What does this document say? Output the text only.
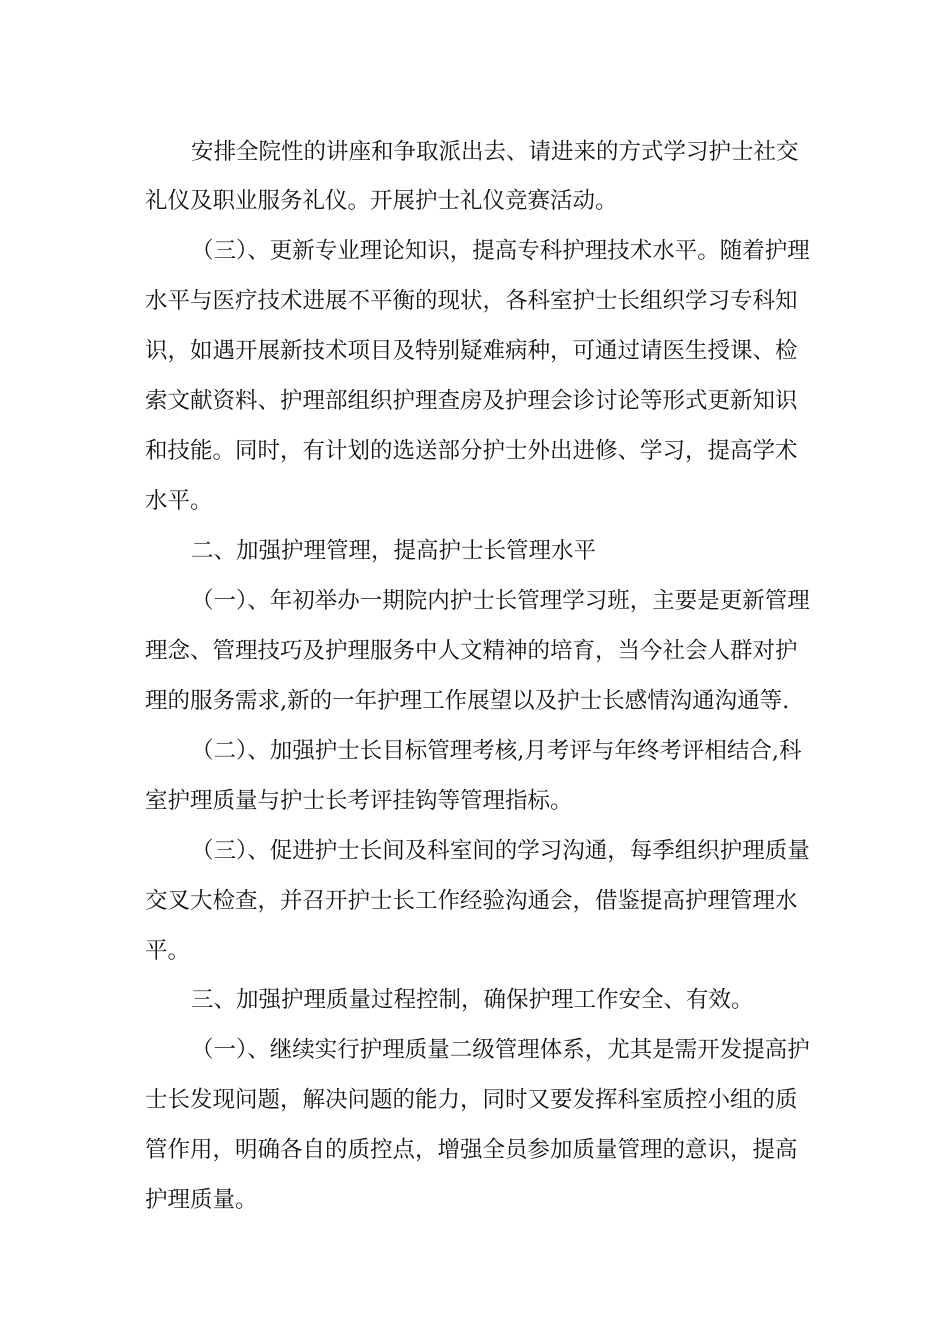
安排全院性的讲座和争取派出去、请进来的方式学习护士社交
礼仪及职业服务礼仪。开展护士礼仪竞赛活动。
（三）、更新专业理论知识，提高专科护理技术水平。随着护理
水平与医疗技术进展不平衡的现状，各科室护士长组织学习专科知
识，如遇开展新技术项目及特别疑难病种，可通过请医生授课、检
索文献资料、护理部组织护理查房及护理会诊讨论等形式更新知识
和技能。同时，有计划的选送部分护士外出进修、学习，提高学术
水平。
二、加强护理管理，提高护士长管理水平
（一）、年初举办一期院内护士长管理学习班，主要是更新管理
理念、管理技巧及护理服务中人文精神的培育，当今社会人群对护
理的服务需求,新的一年护理工作展望以及护士长感情沟通沟通等.
（二）、加强护士长目标管理考核,月考评与年终考评相结合,科
室护理质量与护士长考评挂钩等管理指标。
（三）、促进护士长间及科室间的学习沟通，每季组织护理质量
交叉大检查，并召开护士长工作经验沟通会，借鉴提高护理管理水
平。
三、加强护理质量过程控制，确保护理工作安全、有效。
（一）、继续实行护理质量二级管理体系，尤其是需开发提高护
士长发现问题，解决问题的能力，同时又要发挥科室质控小组的质
管作用，明确各自的质控点，增强全员参加质量管理的意识，提高
护理质量。
